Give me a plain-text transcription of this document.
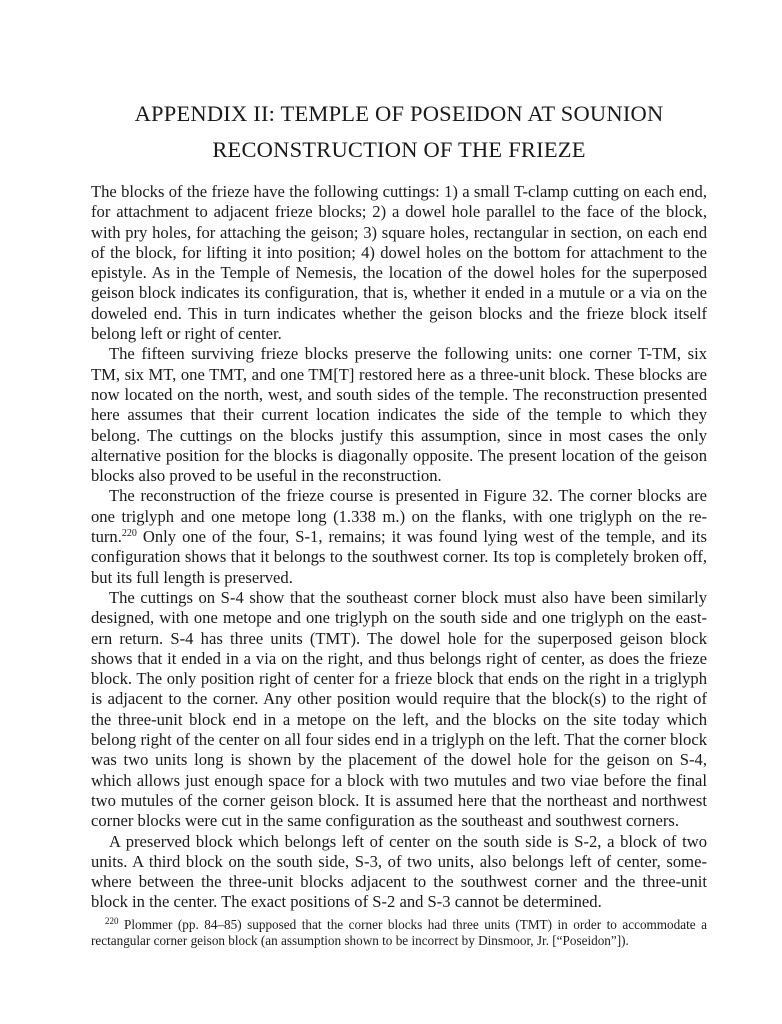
APPENDIX II: TEMPLE OF POSEIDON AT SOUNION
RECONSTRUCTION OF THE FRIEZE

The blocks of the frieze have the following cuttings: 1) a small T-clamp cutting on each end, for attachment to adjacent frieze blocks; 2) a dowel hole parallel to the face of the block, with pry holes, for attaching the geison; 3) square holes, rectangular in section, on each end of the block, for lifting it into position; 4) dowel holes on the bottom for attachment to the epistyle. As in the Temple of Nemesis, the location of the dowel holes for the superposed geison block indicates its configuration, that is, whether it ended in a mutule or a via on the doweled end. This in turn indicates whether the geison blocks and the frieze block itself belong left or right of center.

The fifteen surviving frieze blocks preserve the following units: one corner T-TM, six TM, six MT, one TMT, and one TM[T] restored here as a three-unit block. These blocks are now located on the north, west, and south sides of the temple. The reconstruction presented here assumes that their current location indicates the side of the temple to which they belong. The cuttings on the blocks justify this assumption, since in most cases the only alternative position for the blocks is diagonally opposite. The present location of the geison blocks also proved to be useful in the reconstruction.

The reconstruction of the frieze course is presented in Figure 32. The corner blocks are one triglyph and one metope long (1.338 m.) on the flanks, with one triglyph on the return.$^{220}$ Only one of the four, S-1, remains; it was found lying west of the temple, and its configuration shows that it belongs to the southwest corner. Its top is completely broken off, but its full length is preserved.

The cuttings on S-4 show that the southeast corner block must also have been similarly designed, with one metope and one triglyph on the south side and one triglyph on the eastern return. S-4 has three units (TMT). The dowel hole for the superposed geison block shows that it ended in a via on the right, and thus belongs right of center, as does the frieze block. The only position right of center for a frieze block that ends on the right in a triglyph is adjacent to the corner. Any other position would require that the block(s) to the right of the three-unit block end in a metope on the left, and the blocks on the site today which belong right of the center on all four sides end in a triglyph on the left. That the corner block was two units long is shown by the placement of the dowel hole for the geison on S-4, which allows just enough space for a block with two mutules and two viae before the final two mutules of the corner geison block. It is assumed here that the northeast and northwest corner blocks were cut in the same configuration as the southeast and southwest corners.

A preserved block which belongs left of center on the south side is S-2, a block of two units. A third block on the south side, S-3, of two units, also belongs left of center, somewhere between the three-unit blocks adjacent to the southwest corner and the three-unit block in the center. The exact positions of S-2 and S-3 cannot be determined.

$^{220}$ Plommer (pp. 84–85) supposed that the corner blocks had three units (TMT) in order to accommodate a rectangular corner geison block (an assumption shown to be incorrect by Dinsmoor, Jr. [“Poseidon”]).
